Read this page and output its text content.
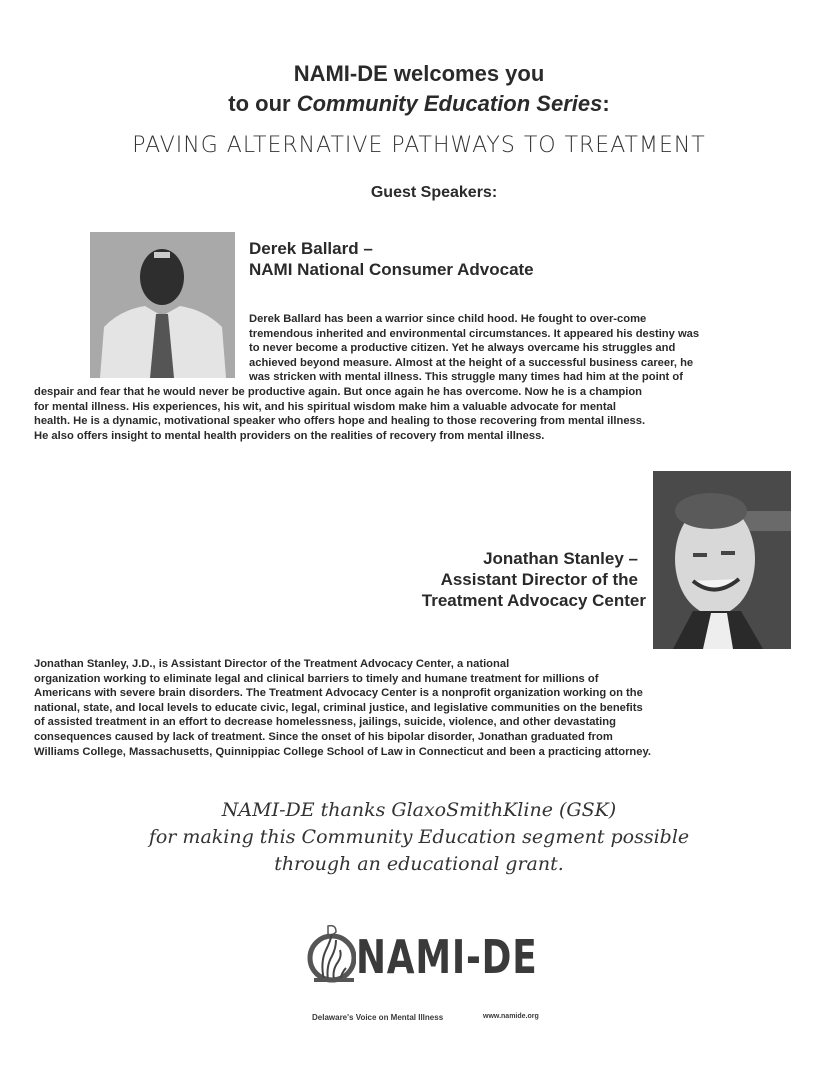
NAMI-DE welcomes you
to our Community Education Series:
PAVING ALTERNATIVE PATHWAYS TO TREATMENT
Guest Speakers:
Derek Ballard –
NAMI National Consumer Advocate
Derek Ballard has been a warrior since child hood. He fought to over-come
tremendous inherited and environmental circumstances. It appeared his destiny was
to never become a productive citizen. Yet he always overcame his struggles and
achieved beyond measure. Almost at the height of a successful business career, he
was stricken with mental illness. This struggle many times had him at the point of
despair and fear that he would never be productive again. But once again he has overcome. Now he is a champion
for mental illness. His experiences, his wit, and his spiritual wisdom make him a valuable advocate for mental
health. He is a dynamic, motivational speaker who offers hope and healing to those recovering from mental illness.
He also offers insight to mental health providers on the realities of recovery from mental illness.
Jonathan Stanley –
Assistant Director of the
Treatment Advocacy Center
Jonathan Stanley, J.D., is Assistant Director of the Treatment Advocacy Center, a national
organization working to eliminate legal and clinical barriers to timely and humane treatment for millions of
Americans with severe brain disorders. The Treatment Advocacy Center is a nonprofit organization working on the
national, state, and local levels to educate civic, legal, criminal justice, and legislative communities on the benefits
of assisted treatment in an effort to decrease homelessness, jailings, suicide, violence, and other devastating
consequences caused by lack of treatment. Since the onset of his bipolar disorder, Jonathan graduated from
Williams College, Massachusetts, Quinnippiac College School of Law in Connecticut and been a practicing attorney.
NAMI-DE thanks GlaxoSmithKline (GSK)
for making this Community Education segment possible
through an educational grant.
NAMI-DE
Delaware's Voice on Mental Illness	www.namide.org
